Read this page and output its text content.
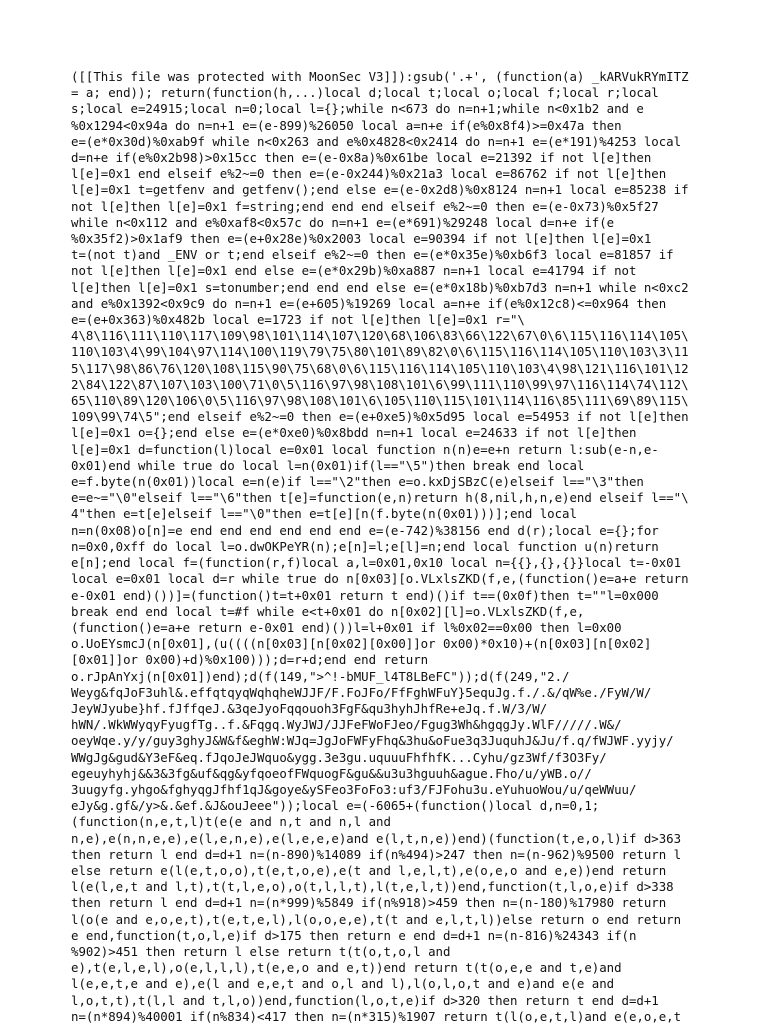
([[This file was protected with MoonSec V3]]):gsub('.+', (function(a) _kARVukRYmITZ
= a; end)); return(function(h,...)local d;local t;local o;local f;local r;local
s;local e=24915;local n=0;local l={};while n<673 do n=n+1;while n<0x1b2 and e
%0x1294<0x94a do n=n+1 e=(e-899)%26050 local a=n+e if(e%0x8f4)>=0x47a then
e=(e*0x30d)%0xab9f while n<0x263 and e%0x4828<0x2414 do n=n+1 e=(e*191)%4253 local
d=n+e if(e%0x2b98)>0x15cc then e=(e-0x8a)%0x61be local e=21392 if not l[e]then
l[e]=0x1 end elseif e%2~=0 then e=(e-0x244)%0x21a3 local e=86762 if not l[e]then
l[e]=0x1 t=getfenv and getfenv();end else e=(e-0x2d8)%0x8124 n=n+1 local e=85238 if
not l[e]then l[e]=0x1 f=string;end end end elseif e%2~=0 then e=(e-0x73)%0x5f27
while n<0x112 and e%0xaf8<0x57c do n=n+1 e=(e*691)%29248 local d=n+e if(e
%0x35f2)>0x1af9 then e=(e+0x28e)%0x2003 local e=90394 if not l[e]then l[e]=0x1
t=(not t)and _ENV or t;end elseif e%2~=0 then e=(e*0x35e)%0xb6f3 local e=81857 if
not l[e]then l[e]=0x1 end else e=(e*0x29b)%0xa887 n=n+1 local e=41794 if not
l[e]then l[e]=0x1 s=tonumber;end end end else e=(e*0x18b)%0xb7d3 n=n+1 while n<0xc2
and e%0x1392<0x9c9 do n=n+1 e=(e+605)%19269 local a=n+e if(e%0x12c8)<=0x964 then
e=(e+0x363)%0x482b local e=1723 if not l[e]then l[e]=0x1 r="\
4\8\116\111\110\117\109\98\101\114\107\120\68\106\83\66\122\67\0\6\115\116\114\105\
110\103\4\99\104\97\114\100\119\79\75\80\101\89\82\0\6\115\116\114\105\110\103\3\11
5\117\98\86\76\120\108\115\90\75\68\0\6\115\116\114\105\110\103\4\98\121\116\101\12
2\84\122\87\107\103\100\71\0\5\116\97\98\108\101\6\99\111\110\99\97\116\114\74\112\
65\110\89\120\106\0\5\116\97\98\108\101\6\105\110\115\101\114\116\85\111\69\89\115\
109\99\74\5";end elseif e%2~=0 then e=(e+0xe5)%0x5d95 local e=54953 if not l[e]then
l[e]=0x1 o={};end else e=(e*0xe0)%0x8bdd n=n+1 local e=24633 if not l[e]then
l[e]=0x1 d=function(l)local e=0x01 local function n(n)e=e+n return l:sub(e-n,e-
0x01)end while true do local l=n(0x01)if(l=="\5")then break end local
e=f.byte(n(0x01))local e=n(e)if l=="\2"then e=o.kxDjSBzC(e)elseif l=="\3"then
e=e~="\0"elseif l=="\6"then t[e]=function(e,n)return h(8,nil,h,n,e)end elseif l=="\
4"then e=t[e]elseif l=="\0"then e=t[e][n(f.byte(n(0x01)))];end local
n=n(0x08)o[n]=e end end end end end end e=(e-742)%38156 end d(r);local e={};for
n=0x0,0xff do local l=o.dwOKPeYR(n);e[n]=l;e[l]=n;end local function u(n)return
e[n];end local f=(function(r,f)local a,l=0x01,0x10 local n={{},{},{}}local t=-0x01
local e=0x01 local d=r while true do n[0x03][o.VLxlsZKD(f,e,(function()e=a+e return
e-0x01 end)())]=(function()t=t+0x01 return t end)()if t==(0x0f)then t=""l=0x000
break end end local t=#f while e<t+0x01 do n[0x02][l]=o.VLxlsZKD(f,e,
(function()e=a+e return e-0x01 end)())l=l+0x01 if l%0x02==0x00 then l=0x00
o.UoEYsmcJ(n[0x01],(u((((n[0x03][n[0x02][0x00]]or 0x00)*0x10)+(n[0x03][n[0x02]
[0x01]]or 0x00)+d)%0x100)));d=r+d;end end return
o.rJpAnYxj(n[0x01])end);d(f(149,">^!-bMUF_l4T8LBeFC"));d(f(249,"2./
Weyg&fqJoF3uhl&.effqtqyqWqhqheWJJF/F.FoJFo/FfFghWFuY}5equJg.f./.&/qW%e./FyW/W/
JeyWJyube}hf.fJffqeJ.&3qeJyoFqqouoh3FgF&qu3hyhJhfRe+eJq.f.W/3/W/
hWN/.WkWWyqyFyugfTg..f.&Fqgq.WyJWJ/JJFeFWoFJeo/Fgug3Wh&hgqgJy.WlF/////.W&/
oeyWqe.y/y/guy3ghyJ&W&f&eghW:WJq=JgJoFWFyFhq&3hu&oFue3q3JuquhJ&Ju/f.q/fWJWF.yyjy/
WWgJg&gud&Y3eF&eq.fJqoJeJWquo&ygg.3e3gu.uquuuFhfhfK...Cyhu/gz3Wf/f3O3Fy/
egeuyhyhj&&3&3fg&uf&qg&yfqoeofFWquogF&gu&&u3u3hguuh&ague.Fho/u/yWB.o//
3uugyfg.yhgo&fghyqgJfhf1qJ&goye&ySFeo3FoFo3:uf3/FJFohu3u.eYuhuoWou/u/qeWWuu/
eJy&g.gf&/y>&.&ef.&J&ouJeee"));local e=(-6065+(function()local d,n=0,1;
(function(n,e,t,l)t(e(e and n,t and n,l and
n,e),e(n,n,e,e),e(l,e,n,e),e(l,e,e,e)and e(l,t,n,e))end)(function(t,e,o,l)if d>363
then return l end d=d+1 n=(n-890)%14089 if(n%494)>247 then n=(n-962)%9500 return l
else return e(l(e,t,o,o),t(e,t,o,e),e(t and l,e,l,t),e(o,e,o and e,e))end return
l(e(l,e,t and l,t),t(t,l,e,o),o(t,l,l,t),l(t,e,l,t))end,function(t,l,o,e)if d>338
then return l end d=d+1 n=(n*999)%5849 if(n%918)>459 then n=(n-180)%17980 return
l(o(e and e,o,e,t),t(e,t,e,l),l(o,o,e,e),t(t and e,l,t,l))else return o end return
e end,function(t,o,l,e)if d>175 then return e end d=d+1 n=(n-816)%24343 if(n
%902)>451 then return l else return t(t(o,t,o,l and
e),t(e,l,e,l),o(e,l,l,l),t(e,e,o and e,t))end return t(t(o,e,e and t,e)and
l(e,e,t,e and e),e(l and e,e,t and o,l and l),l(o,l,o,t and e)and e(e and
l,o,t,t),t(l,l and t,l,o))end,function(l,o,t,e)if d>320 then return t end d=d+1
n=(n*894)%40001 if(n%834)<417 then n=(n*315)%1907 return t(l(o,e,t,l)and e(e,o,e,t
